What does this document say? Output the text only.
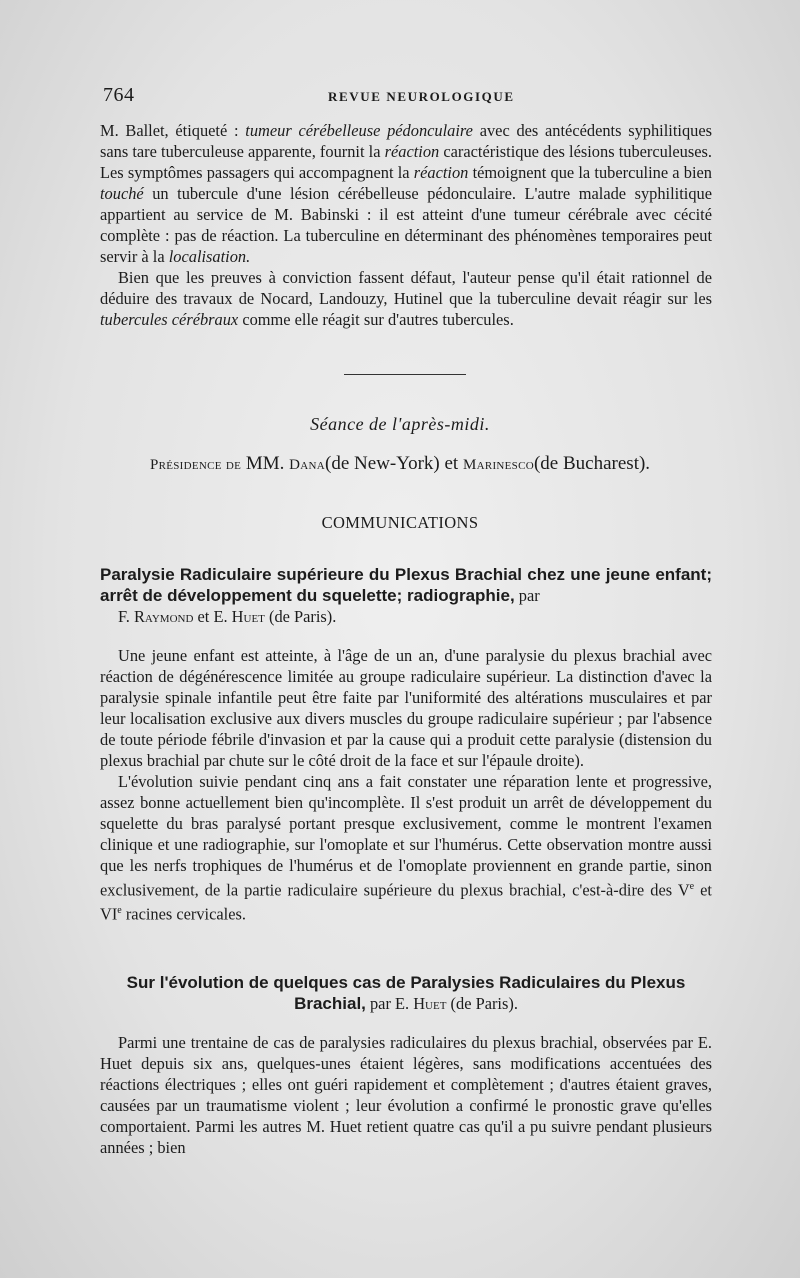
764	REVUE NEUROLOGIQUE

M. Ballet, étiqueté : tumeur cérébelleuse pédonculaire avec des antécédents syphilitiques sans tare tuberculeuse apparente, fournit la réaction caractéristique des lésions tuberculeuses. Les symptômes passagers qui accompagnent la réaction témoignent que la tuberculine a bien touché un tubercule d'une lésion cérébelleuse pédonculaire. L'autre malade syphilitique appartient au service de M. Babinski : il est atteint d'une tumeur cérébrale avec cécité complète : pas de réaction. La tuberculine en déterminant des phénomènes temporaires peut servir à la localisation.

Bien que les preuves à conviction fassent défaut, l'auteur pense qu'il était rationnel de déduire des travaux de Nocard, Landouzy, Hutinel que la tuberculine devait réagir sur les tubercules cérébraux comme elle réagit sur d'autres tubercules.

Séance de l'après-midi.
Présidence de MM. Dana(de New-York) et Marinesco(de Bucharest).
COMMUNICATIONS

Paralysie Radiculaire supérieure du Plexus Brachial chez une jeune enfant; arrêt de développement du squelette; radiographie, par
F. Raymond et E. Huet (de Paris).

Une jeune enfant est atteinte, à l'âge de un an, d'une paralysie du plexus brachial avec réaction de dégénérescence limitée au groupe radiculaire supérieur. La distinction d'avec la paralysie spinale infantile peut être faite par l'uniformité des altérations musculaires et par leur localisation exclusive aux divers muscles du groupe radiculaire supérieur ; par l'absence de toute période fébrile d'invasion et par la cause qui a produit cette paralysie (distension du plexus brachial par chute sur le côté droit de la face et sur l'épaule droite).

L'évolution suivie pendant cinq ans a fait constater une réparation lente et progressive, assez bonne actuellement bien qu'incomplète. Il s'est produit un arrêt de développement du squelette du bras paralysé portant presque exclusivement, comme le montrent l'examen clinique et une radiographie, sur l'omoplate et sur l'humérus. Cette observation montre aussi que les nerfs trophiques de l'humérus et de l'omoplate proviennent en grande partie, sinon exclusivement, de la partie radiculaire supérieure du plexus brachial, c'est-à-dire des Ve et VIe racines cervicales.

Sur l'évolution de quelques cas de Paralysies Radiculaires du Plexus Brachial, par E. Huet (de Paris).

Parmi une trentaine de cas de paralysies radiculaires du plexus brachial, observées par E. Huet depuis six ans, quelques-unes étaient légères, sans modifications accentuées des réactions électriques ; elles ont guéri rapidement et complètement ; d'autres étaient graves, causées par un traumatisme violent ; leur évolution a confirmé le pronostic grave qu'elles comportaient. Parmi les autres M. Huet retient quatre cas qu'il a pu suivre pendant plusieurs années ; bien
